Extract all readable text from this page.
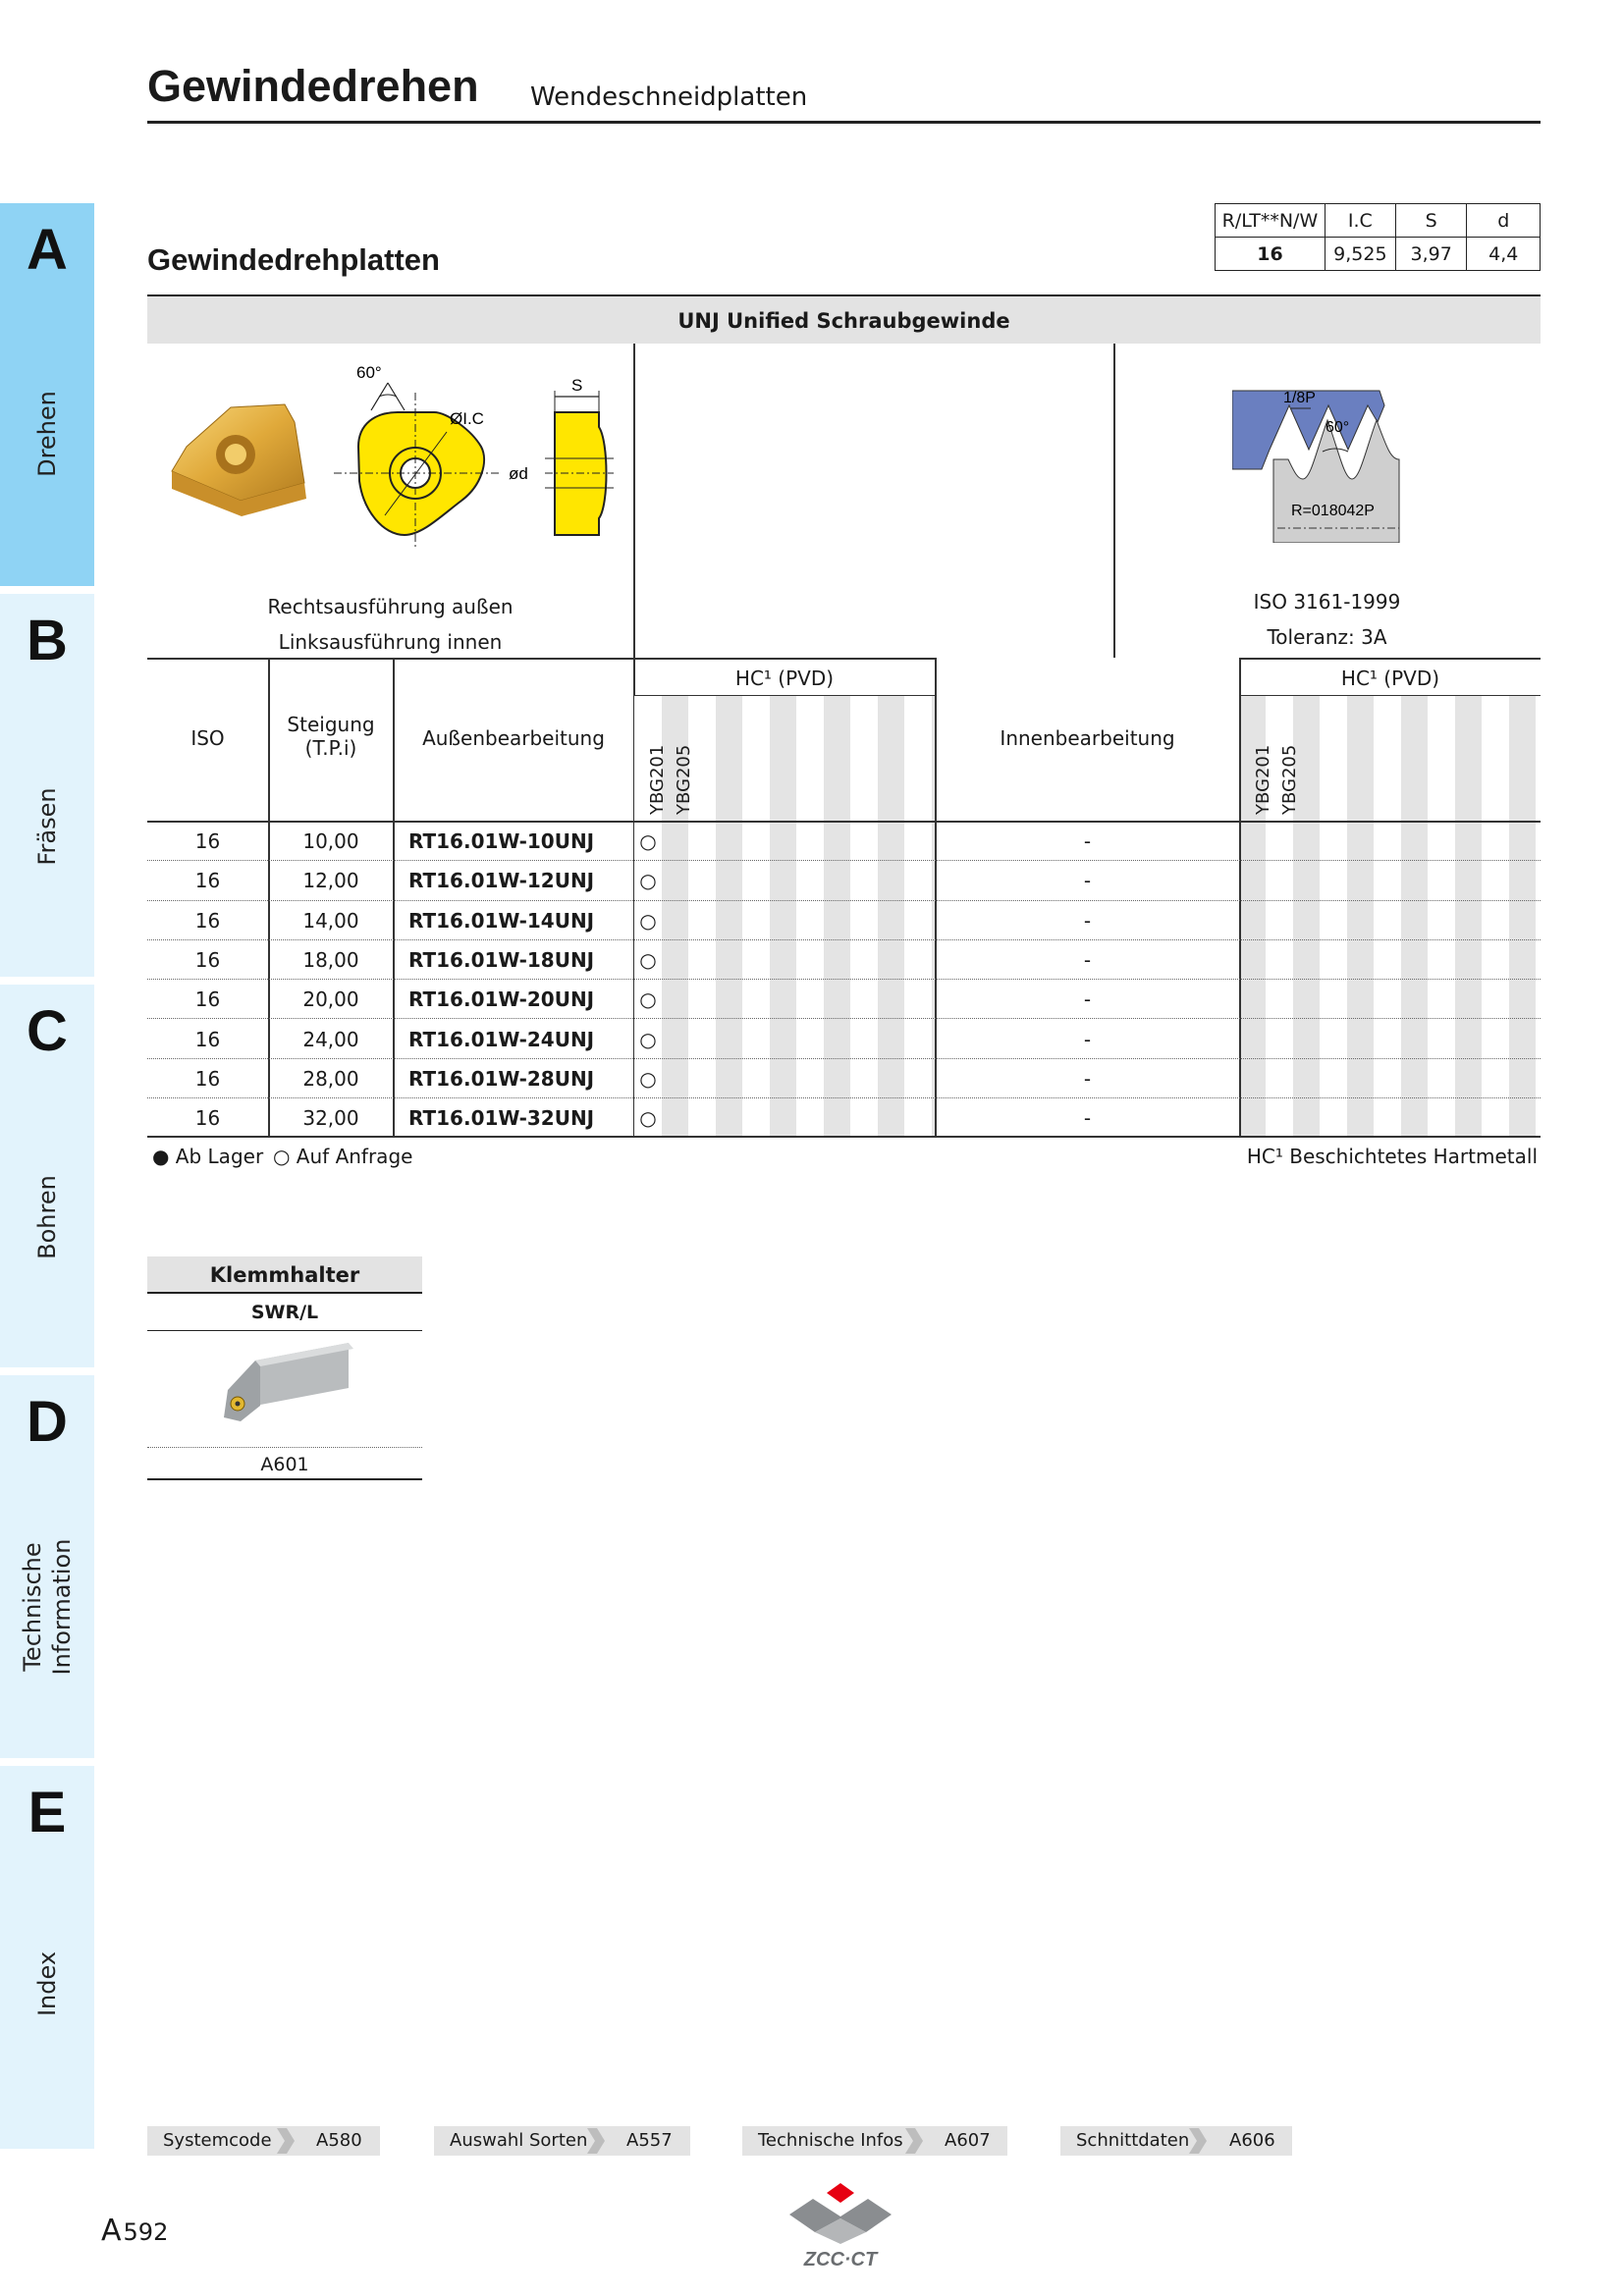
Gewindedrehen Wendeschneidplatten
A
Drehen
B
Fräsen
C
Bohren
D
Technische Information
E
Index
Gewindedrehplatten
R/LT**N/W	I.C	S	d
16	9,525	3,97	4,4
UNJ Unified Schraubgewinde
60°
ØI.C
S
ød
Rechtsausführung außen
Linksausführung innen
1/8P
60°
R=018042P
ISO 3161-1999
Toleranz: 3A
ISO
Steigung
(T.P.i)	Außenbearbeitung	Innenbearbeitung
HC¹ (PVD)	HC¹ (PVD)
YBG201 YBG205	YBG201 YBG205
16	10,00	RT16.01W-10UNJ ○	-
16	12,00	RT16.01W-12UNJ ○	-
16	14,00	RT16.01W-14UNJ ○	-
16	18,00	RT16.01W-18UNJ ○	-
16	20,00	RT16.01W-20UNJ ○	-
16	24,00	RT16.01W-24UNJ ○	-
16	28,00	RT16.01W-28UNJ ○	-
16	32,00	RT16.01W-32UNJ ○	-
● Ab Lager ○ Auf Anfrage	HC¹ Beschichtetes Hartmetall
Klemmhalter
SWR/L
A601
Systemcode	A580	Auswahl Sorten A557	Technische Infos A607	Schnittdaten A606
A592
ZCC·CT
